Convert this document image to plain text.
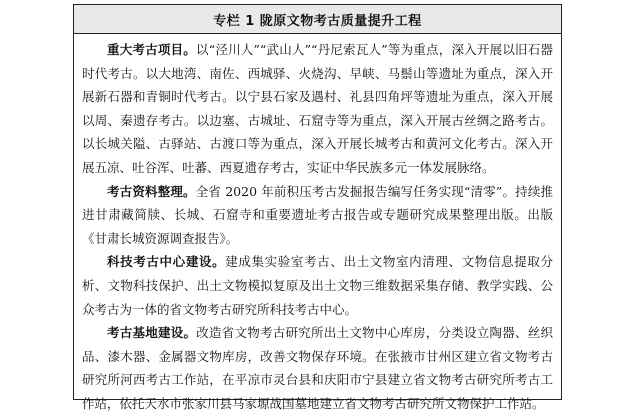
专栏 1 陇原文物考古质量提升工程

重大考古项目。以“泾川人”“武山人”“丹尼索瓦人”等为重点，深入开展以旧石器时代考古。以大地湾、南佐、西城驿、火烧沟、早峡、马鬃山等遗址为重点，深入开展新石器和青铜时代考古。以宁县石家及遇村、礼县四角坪等遗址为重点，深入开展以周、秦遗存考古。以边塞、古城址、石窟寺等为重点，深入开展古丝绸之路考古。以长城关隘、古驿站、古渡口等为重点，深入开展长城考古和黄河文化考古。深入开展五凉、吐谷浑、吐蕃、西夏遗存考古，实证中华民族多元一体发展脉络。

考古资料整理。全省 2020 年前积压考古发掘报告编写任务实现“清零”。持续推进甘肃藏简牍、长城、石窟寺和重要遗址考古报告或专题研究成果整理出版。出版《甘肃长城资源调查报告》。

科技考古中心建设。建成集实验室考古、出土文物室内清理、文物信息提取分析、文物科技保护、出土文物模拟复原及出土文物三维数据采集存储、教学实践、公众考古为一体的省文物考古研究所科技考古中心。

考古基地建设。改造省文物考古研究所出土文物中心库房，分类设立陶器、丝织品、漆木器、金属器文物库房，改善文物保存环境。在张掖市甘州区建立省文物考古研究所河西考古工作站，在平凉市灵台县和庆阳市宁县建立省文物考古研究所考古工作站，依托天水市张家川县马家塬战国墓地建立省文物考古研究所文物保护工作站。
